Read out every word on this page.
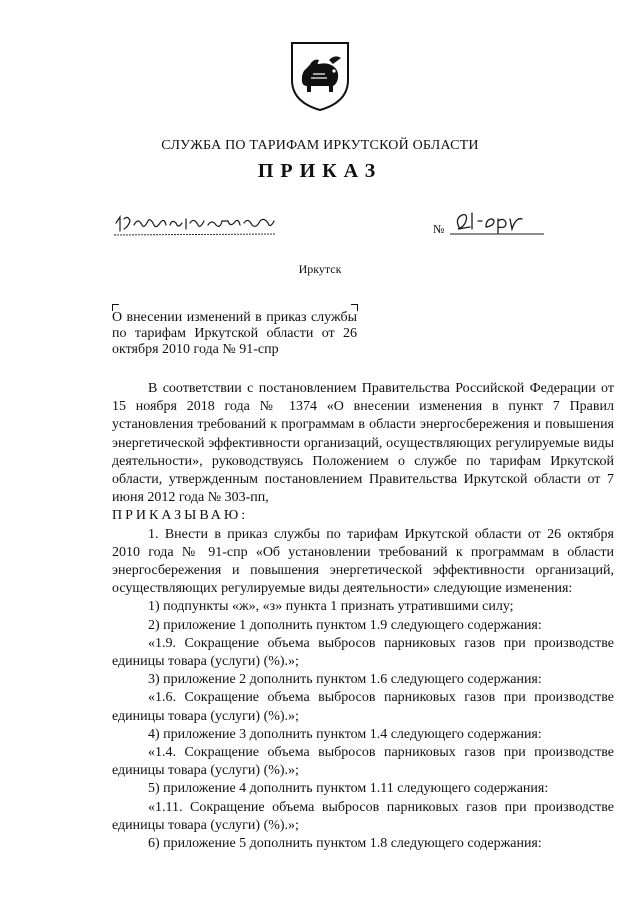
СЛУЖБА ПО ТАРИФАМ ИРКУТСКОЙ ОБЛАСТИ
ПРИКАЗ
№
Иркутск
О внесении изменений в приказ службы по тарифам Иркутской области от 26 октября 2010 года № 91-спр

В соответствии с постановлением Правительства Российской Федерации от 15 ноября 2018 года № 1374 «О внесении изменения в пункт 7 Правил установления требований к программам в области энергосбережения и повышения энергетической эффективности организаций, осуществляющих регулируемые виды деятельности», руководствуясь Положением о службе по тарифам Иркутской области, утвержденным постановлением Правительства Иркутской области от 7 июня 2012 года № 303-пп,

ПРИКАЗЫВАЮ:

1. Внести в приказ службы по тарифам Иркутской области от 26 октября 2010 года № 91-спр «Об установлении требований к программам в области энергосбережения и повышения энергетической эффективности организаций, осуществляющих регулируемые виды деятельности» следующие изменения:

1) подпункты «ж», «з» пункта 1 признать утратившими силу;

2) приложение 1 дополнить пунктом 1.9 следующего содержания:

«1.9. Сокращение объема выбросов парниковых газов при производстве единицы товара (услуги) (%).»;

3) приложение 2 дополнить пунктом 1.6 следующего содержания:

«1.6. Сокращение объема выбросов парниковых газов при производстве единицы товара (услуги) (%).»;

4) приложение 3 дополнить пунктом 1.4 следующего содержания:

«1.4. Сокращение объема выбросов парниковых газов при производстве единицы товара (услуги) (%).»;

5) приложение 4 дополнить пунктом 1.11 следующего содержания:

«1.11. Сокращение объема выбросов парниковых газов при производстве единицы товара (услуги) (%).»;

6) приложение 5 дополнить пунктом 1.8 следующего содержания:
